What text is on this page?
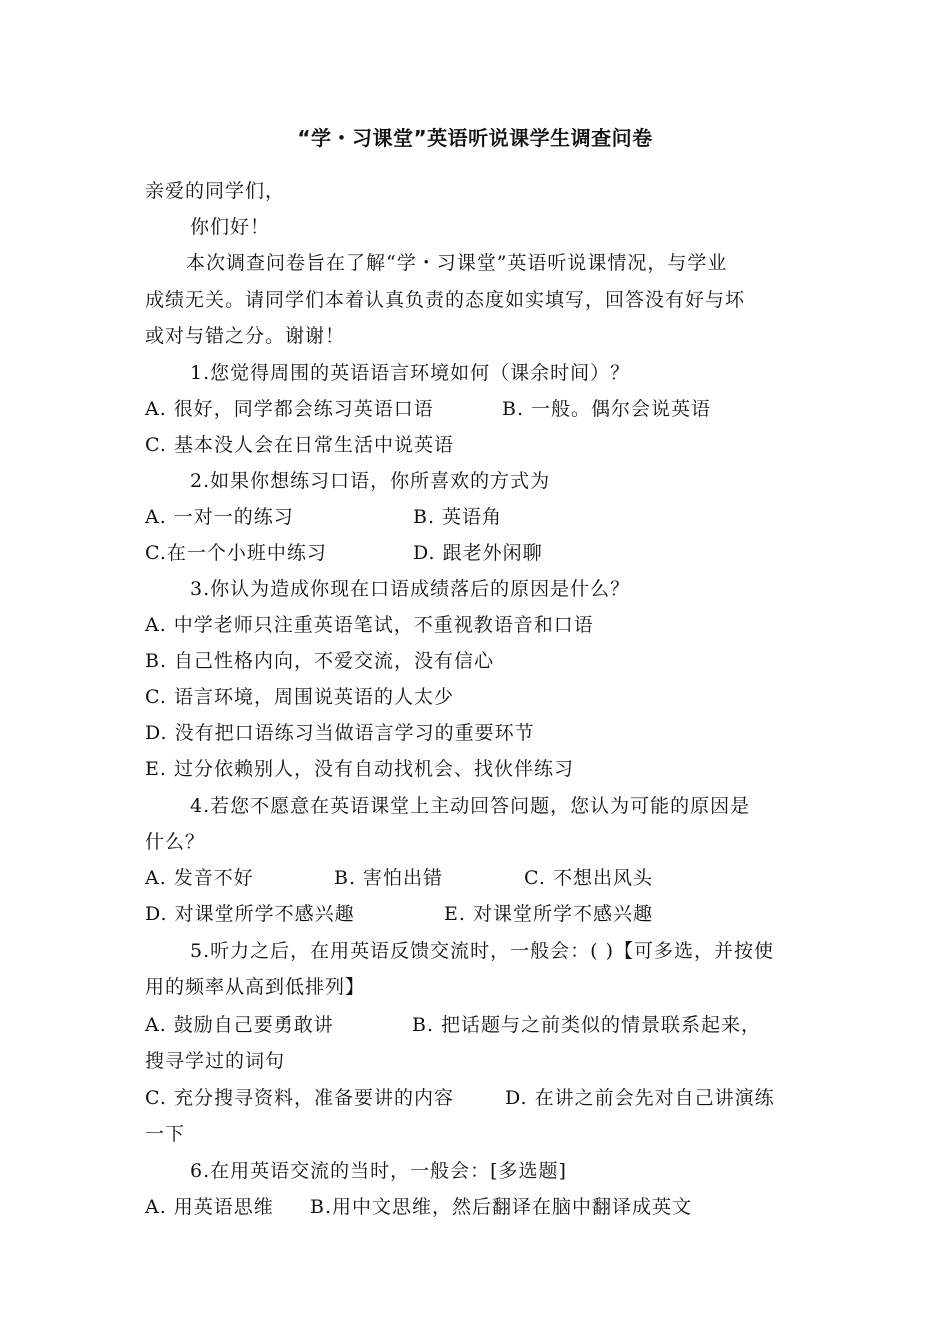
“学・习课堂”英语听说课学生调查问卷
亲爱的同学们，
你们好！
本次调查问卷旨在了解“学・习课堂”英语听说课情况，与学业
成绩无关。请同学们本着认真负责的态度如实填写，回答没有好与坏
或对与错之分。谢谢！
1.您觉得周围的英语语言环境如何（课余时间）？
A. 很好，同学都会练习英语口语	B. 一般。偶尔会说英语
C. 基本没人会在日常生活中说英语
2.如果你想练习口语，你所喜欢的方式为
A. 一对一的练习	B. 英语角
C.在一个小班中练习	D. 跟老外闲聊
3.你认为造成你现在口语成绩落后的原因是什么？
A. 中学老师只注重英语笔试，不重视教语音和口语
B. 自己性格内向，不爱交流，没有信心
C. 语言环境，周围说英语的人太少
D. 没有把口语练习当做语言学习的重要环节
E. 过分依赖别人，没有自动找机会、找伙伴练习
4.若您不愿意在英语课堂上主动回答问题，您认为可能的原因是
什么？
A. 发音不好	B. 害怕出错	C. 不想出风头
D. 对课堂所学不感兴趣	E. 对课堂所学不感兴趣
5.听力之后，在用英语反馈交流时，一般会：( )【可多选，并按使
用的频率从高到低排列】
A. 鼓励自己要勇敢讲	B. 把话题与之前类似的情景联系起来，
搜寻学过的词句
C. 充分搜寻资料，准备要讲的内容	D. 在讲之前会先对自己讲演练
一下
6.在用英语交流的当时，一般会：[多选题]
A. 用英语思维 B.用中文思维，然后翻译在脑中翻译成英文
